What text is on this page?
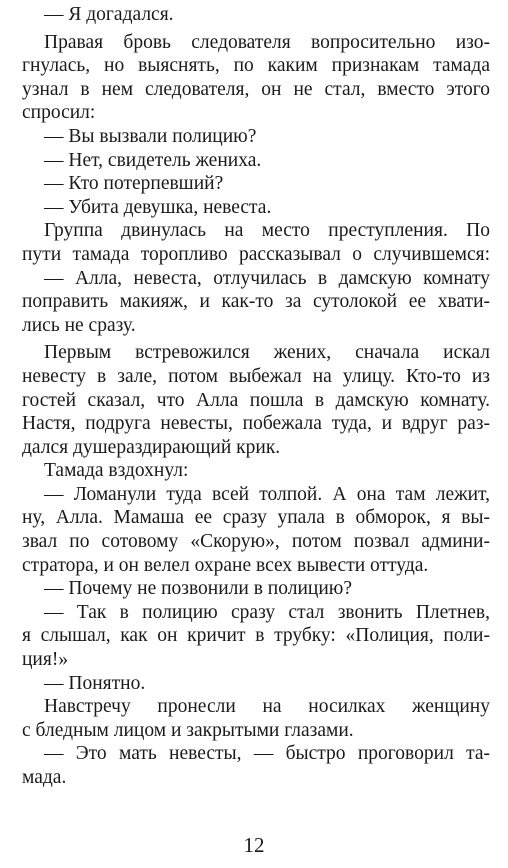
— Я догадался.
Правая бровь следователя вопросительно изо-
гнулась, но выяснять, по каким признакам тамада
узнал в нем следователя, он не стал, вместо этого
спросил:
— Вы вызвали полицию?
— Нет, свидетель жениха.
— Кто потерпевший?
— Убита девушка, невеста.
Группа двинулась на место преступления. По
пути тамада торопливо рассказывал о случившемся:
— Алла, невеста, отлучилась в дамскую комнату
поправить макияж, и как-то за сутолокой ее хвати-
лись не сразу.
Первым встревожился жених, сначала искал
невесту в зале, потом выбежал на улицу. Кто-то из
гостей сказал, что Алла пошла в дамскую комнату.
Настя, подруга невесты, побежала туда, и вдруг раз-
дался душераздирающий крик.
Тамада вздохнул:
— Ломанули туда всей толпой. А она там лежит,
ну, Алла. Мамаша ее сразу упала в обморок, я вы-
звал по сотовому «Скорую», потом позвал админи-
стратора, и он велел охране всех вывести оттуда.
— Почему не позвонили в полицию?
— Так в полицию сразу стал звонить Плетнев,
я слышал, как он кричит в трубку: «Полиция, поли-
ция!»
— Понятно.
Навстречу пронесли на носилках женщину
с бледным лицом и закрытыми глазами.
— Это мать невесты, — быстро проговорил та-
мада.
12
